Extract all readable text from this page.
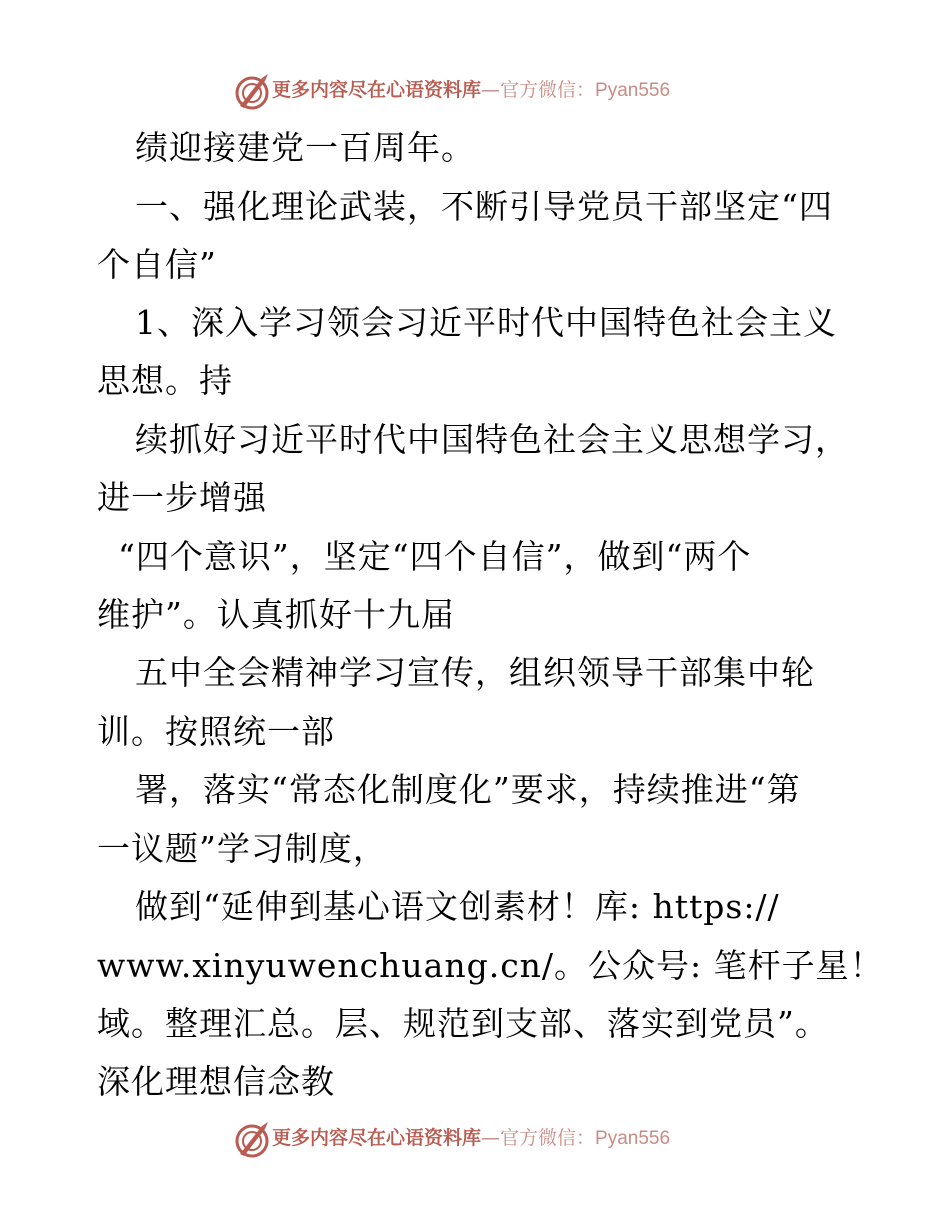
更多内容尽在心语资料库—官方微信：Pyan556
绩迎接建党一百周年。
一、强化理论武装，不断引导党员干部坚定“四
个自信”
1、深入学习领会习近平时代中国特色社会主义
思想。持
续抓好习近平时代中国特色社会主义思想学习，
进一步增强
“四个意识”，坚定“四个自信”，做到“两个
维护”。认真抓好十九届
五中全会精神学习宣传，组织领导干部集中轮
训。按照统一部
署，落实“常态化制度化”要求，持续推进“第
一议题”学习制度，
做到“延伸到基心语文创素材！库: https://
www.xinyuwenchuang.cn/。公众号: 笔杆子星！
域。整理汇总。层、规范到支部、落实到党员”。
深化理想信念教
更多内容尽在心语资料库—官方微信：Pyan556
